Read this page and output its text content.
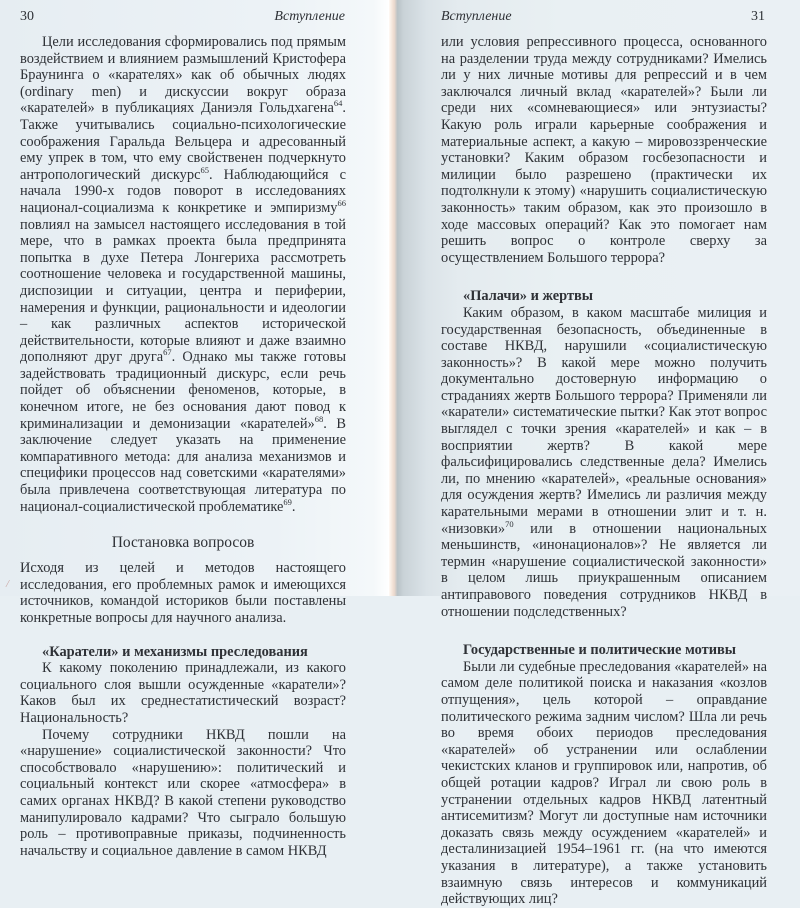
30	Вступление

Цели исследования сформировались под прямым воздействием и влиянием размышлений Кристофера Браунинга о «карателях» как об обычных людях (ordinary men) и дискуссии вокруг образа «карателей» в публикациях Даниэля Гольдхагена$^{64}$. Также учитывались социально-психологические соображения Гаральда Вельцера и адресованный ему упрек в том, что ему свойственен подчеркнуто антропологический дискурс$^{65}$. Наблюдающийся с начала 1990-х годов поворот в исследованиях национал-социализма к конкретике и эмпиризму$^{66}$ повлиял на замысел настоящего исследования в той мере, что в рамках проекта была предпринята попытка в духе Петера Лонгериха рассмотреть соотношение человека и государственной машины, диспозиции и ситуации, центра и периферии, намерения и функции, рациональности и идеологии – как различных аспектов исторической действительности, которые влияют и даже взаимно дополняют друг друга$^{67}$. Однако мы также готовы задействовать традиционный дискурс, если речь пойдет об объяснении феноменов, которые, в конечном итоге, не без основания дают повод к криминализации и демонизации «карателей»$^{68}$. В заключение следует указать на применение компаративного метода: для анализа механизмов и специфики процессов над советскими «карателями» была привлечена соответствующая литература по национал-социалистической проблематике$^{69}$.

Постановка вопросов

Исходя из целей и методов настоящего исследования, его проблемных рамок и имеющихся источников, командой историков были поставлены конкретные вопросы для научного анализа.

«Каратели» и механизмы преследования

К какому поколению принадлежали, из какого социального слоя вышли осужденные «каратели»? Каков был их среднестатистический возраст? Национальность?

Почему сотрудники НКВД пошли на «нарушение» социалистической законности? Что способствовало «нарушению»: политический и социальный контекст или скорее «атмосфера» в самих органах НКВД? В какой степени руководство манипулировало кадрами? Что сыграло большую роль – противоправные приказы, подчиненность начальству и социальное давление в самом НКВД

/
Вступление	31

или условия репрессивного процесса, основанного на разделении труда между сотрудниками? Имелись ли у них личные мотивы для репрессий и в чем заключался личный вклад «карателей»? Были ли среди них «сомневающиеся» или энтузиасты? Какую роль играли карьерные соображения и материальные аспект, а какую – мировоззренческие установки? Каким образом госбезопасности и милиции было разрешено (практически их подтолкнули к этому) «нарушить социалистическую законность» таким образом, как это произошло в ходе массовых операций? Как это помогает нам решить вопрос о контроле сверху за осуществлением Большого террора?

«Палачи» и жертвы

Каким образом, в каком масштабе милиция и государственная безопасность, объединенные в составе НКВД, нарушили «социалистическую законность»? В какой мере можно получить документально достоверную информацию о страданиях жертв Большого террора? Применяли ли «каратели» систематические пытки? Как этот вопрос выглядел с точки зрения «карателей» и как – в восприятии жертв? В какой мере фальсифицировались следственные дела? Имелись ли, по мнению «карателей», «реальные основания» для осуждения жертв? Имелись ли различия между карательными мерами в отношении элит и т. н. «низовки»$^{70}$ или в отношении национальных меньшинств, «инонационалов»? Не является ли термин «нарушение социалистической законности» в целом лишь приукрашенным описанием антиправового поведения сотрудников НКВД в отношении подследственных?

Государственные и политические мотивы

Были ли судебные преследования «карателей» на самом деле политикой поиска и наказания «козлов отпущения», цель которой – оправдание политического режима задним числом? Шла ли речь во время обоих периодов преследования «карателей» об устранении или ослаблении чекистских кланов и группировок или, напротив, об общей ротации кадров? Играл ли свою роль в устранении отдельных кадров НКВД латентный антисемитизм? Могут ли доступные нам источники доказать связь между осуждением «карателей» и десталинизацией 1954–1961 гг. (на что имеются указания в литературе), а также установить взаимную связь интересов и коммуникаций действующих лиц?
